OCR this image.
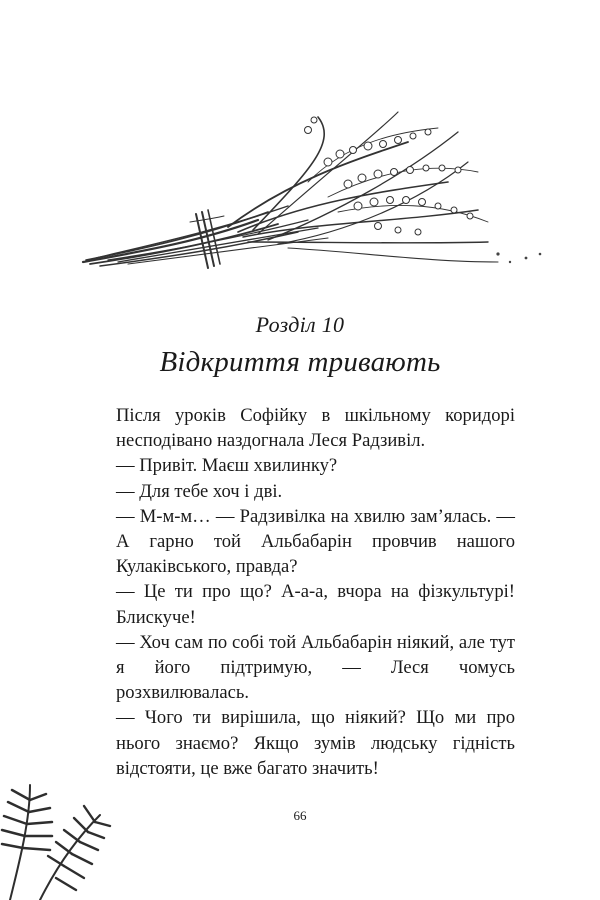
Розділ 10
Відкриття тривають

Після уроків Софійку в шкільному коридорі несподівано наздогнала Леся Радзивіл.

— Привіт. Маєш хвилинку?

— Для тебе хоч і дві.

— М-м-м… — Радзивілка на хвилю зам’ялась. — А гарно той Альбабарін провчив нашого Кулаківського, правда?

— Це ти про що? А-а-а, вчора на фізкультурі! Блискуче!

— Хоч сам по собі той Альбабарін ніякий, але тут я його підтримую, — Леся чомусь розхвилювалась.

— Чого ти вирішила, що ніякий? Що ми про нього знаємо? Якщо зумів людську гідність відстояти, це вже багато значить!

66
